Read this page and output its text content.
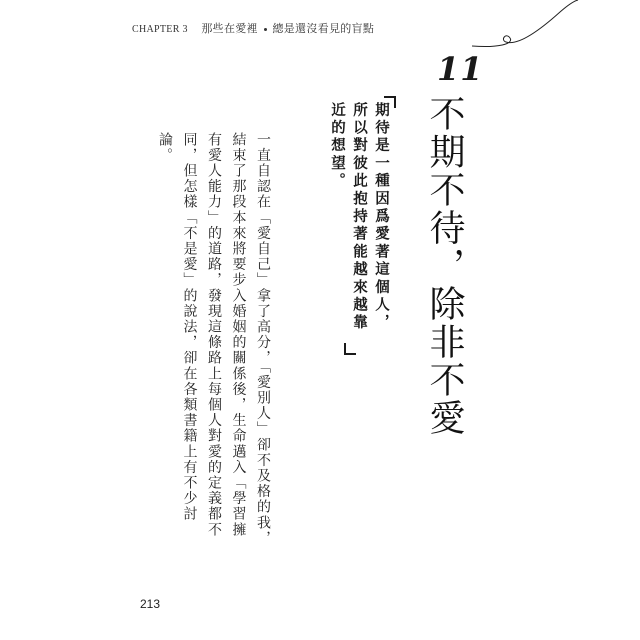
CHAPTER 3 那些在愛裡 總是還沒看見的盲點
11
不期不待，除非不愛
期待是一種因爲愛著這個人，所以對彼此抱持著能越來越靠近的想望。

一直自認在「愛自己」拿了高分，「愛別人」卻不及格的我，結束了那段本來將要步入婚姻的關係後，生命邁入「學習擁有愛人能力」的道路，發現這條路上每個人對愛的定義都不同，但怎樣「不是愛」的說法，卻在各類書籍上有不少討論。

213
